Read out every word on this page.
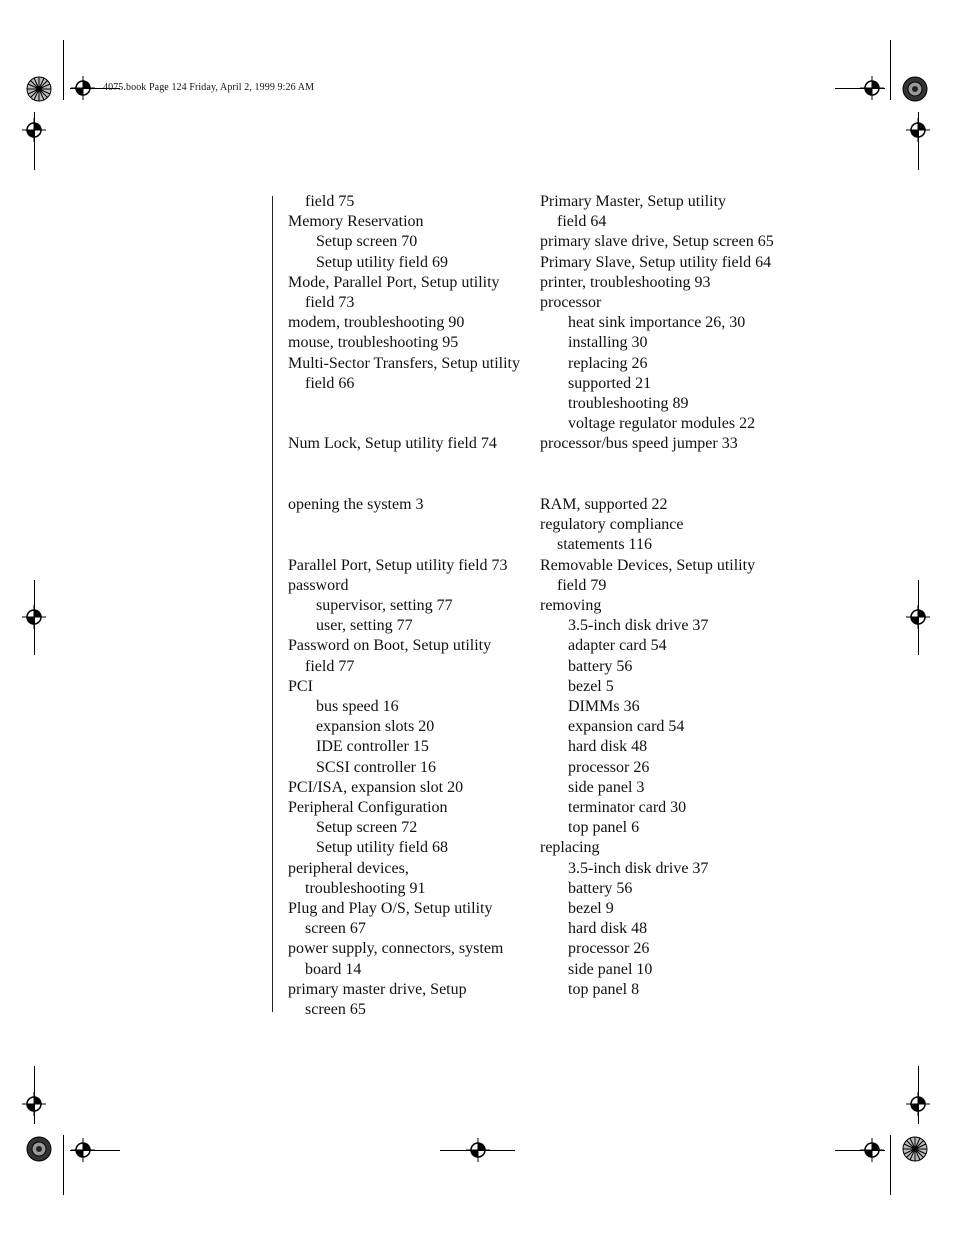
4075.book Page 124 Friday, April 2, 1999 9:26 AM
field 75
Memory Reservation
Setup screen 70
Setup utility field 69
Mode, Parallel Port, Setup utility
field 73
modem, troubleshooting 90
mouse, troubleshooting 95
Multi-Sector Transfers, Setup utility
field 66
Num Lock, Setup utility field 74
opening the system 3
Parallel Port, Setup utility field 73
password
supervisor, setting 77
user, setting 77
Password on Boot, Setup utility
field 77
PCI
bus speed 16
expansion slots 20
IDE controller 15
SCSI controller 16
PCI/ISA, expansion slot 20
Peripheral Configuration
Setup screen 72
Setup utility field 68
peripheral devices,
troubleshooting 91
Plug and Play O/S, Setup utility
screen 67
power supply, connectors, system
board 14
primary master drive, Setup
screen 65
Primary Master, Setup utility
field 64
primary slave drive, Setup screen 65
Primary Slave, Setup utility field 64
printer, troubleshooting 93
processor
heat sink importance 26, 30
installing 30
replacing 26
supported 21
troubleshooting 89
voltage regulator modules 22
processor/bus speed jumper 33
RAM, supported 22
regulatory compliance
statements 116
Removable Devices, Setup utility
field 79
removing
3.5-inch disk drive 37
adapter card 54
battery 56
bezel 5
DIMMs 36
expansion card 54
hard disk 48
processor 26
side panel 3
terminator card 30
top panel 6
replacing
3.5-inch disk drive 37
battery 56
bezel 9
hard disk 48
processor 26
side panel 10
top panel 8
